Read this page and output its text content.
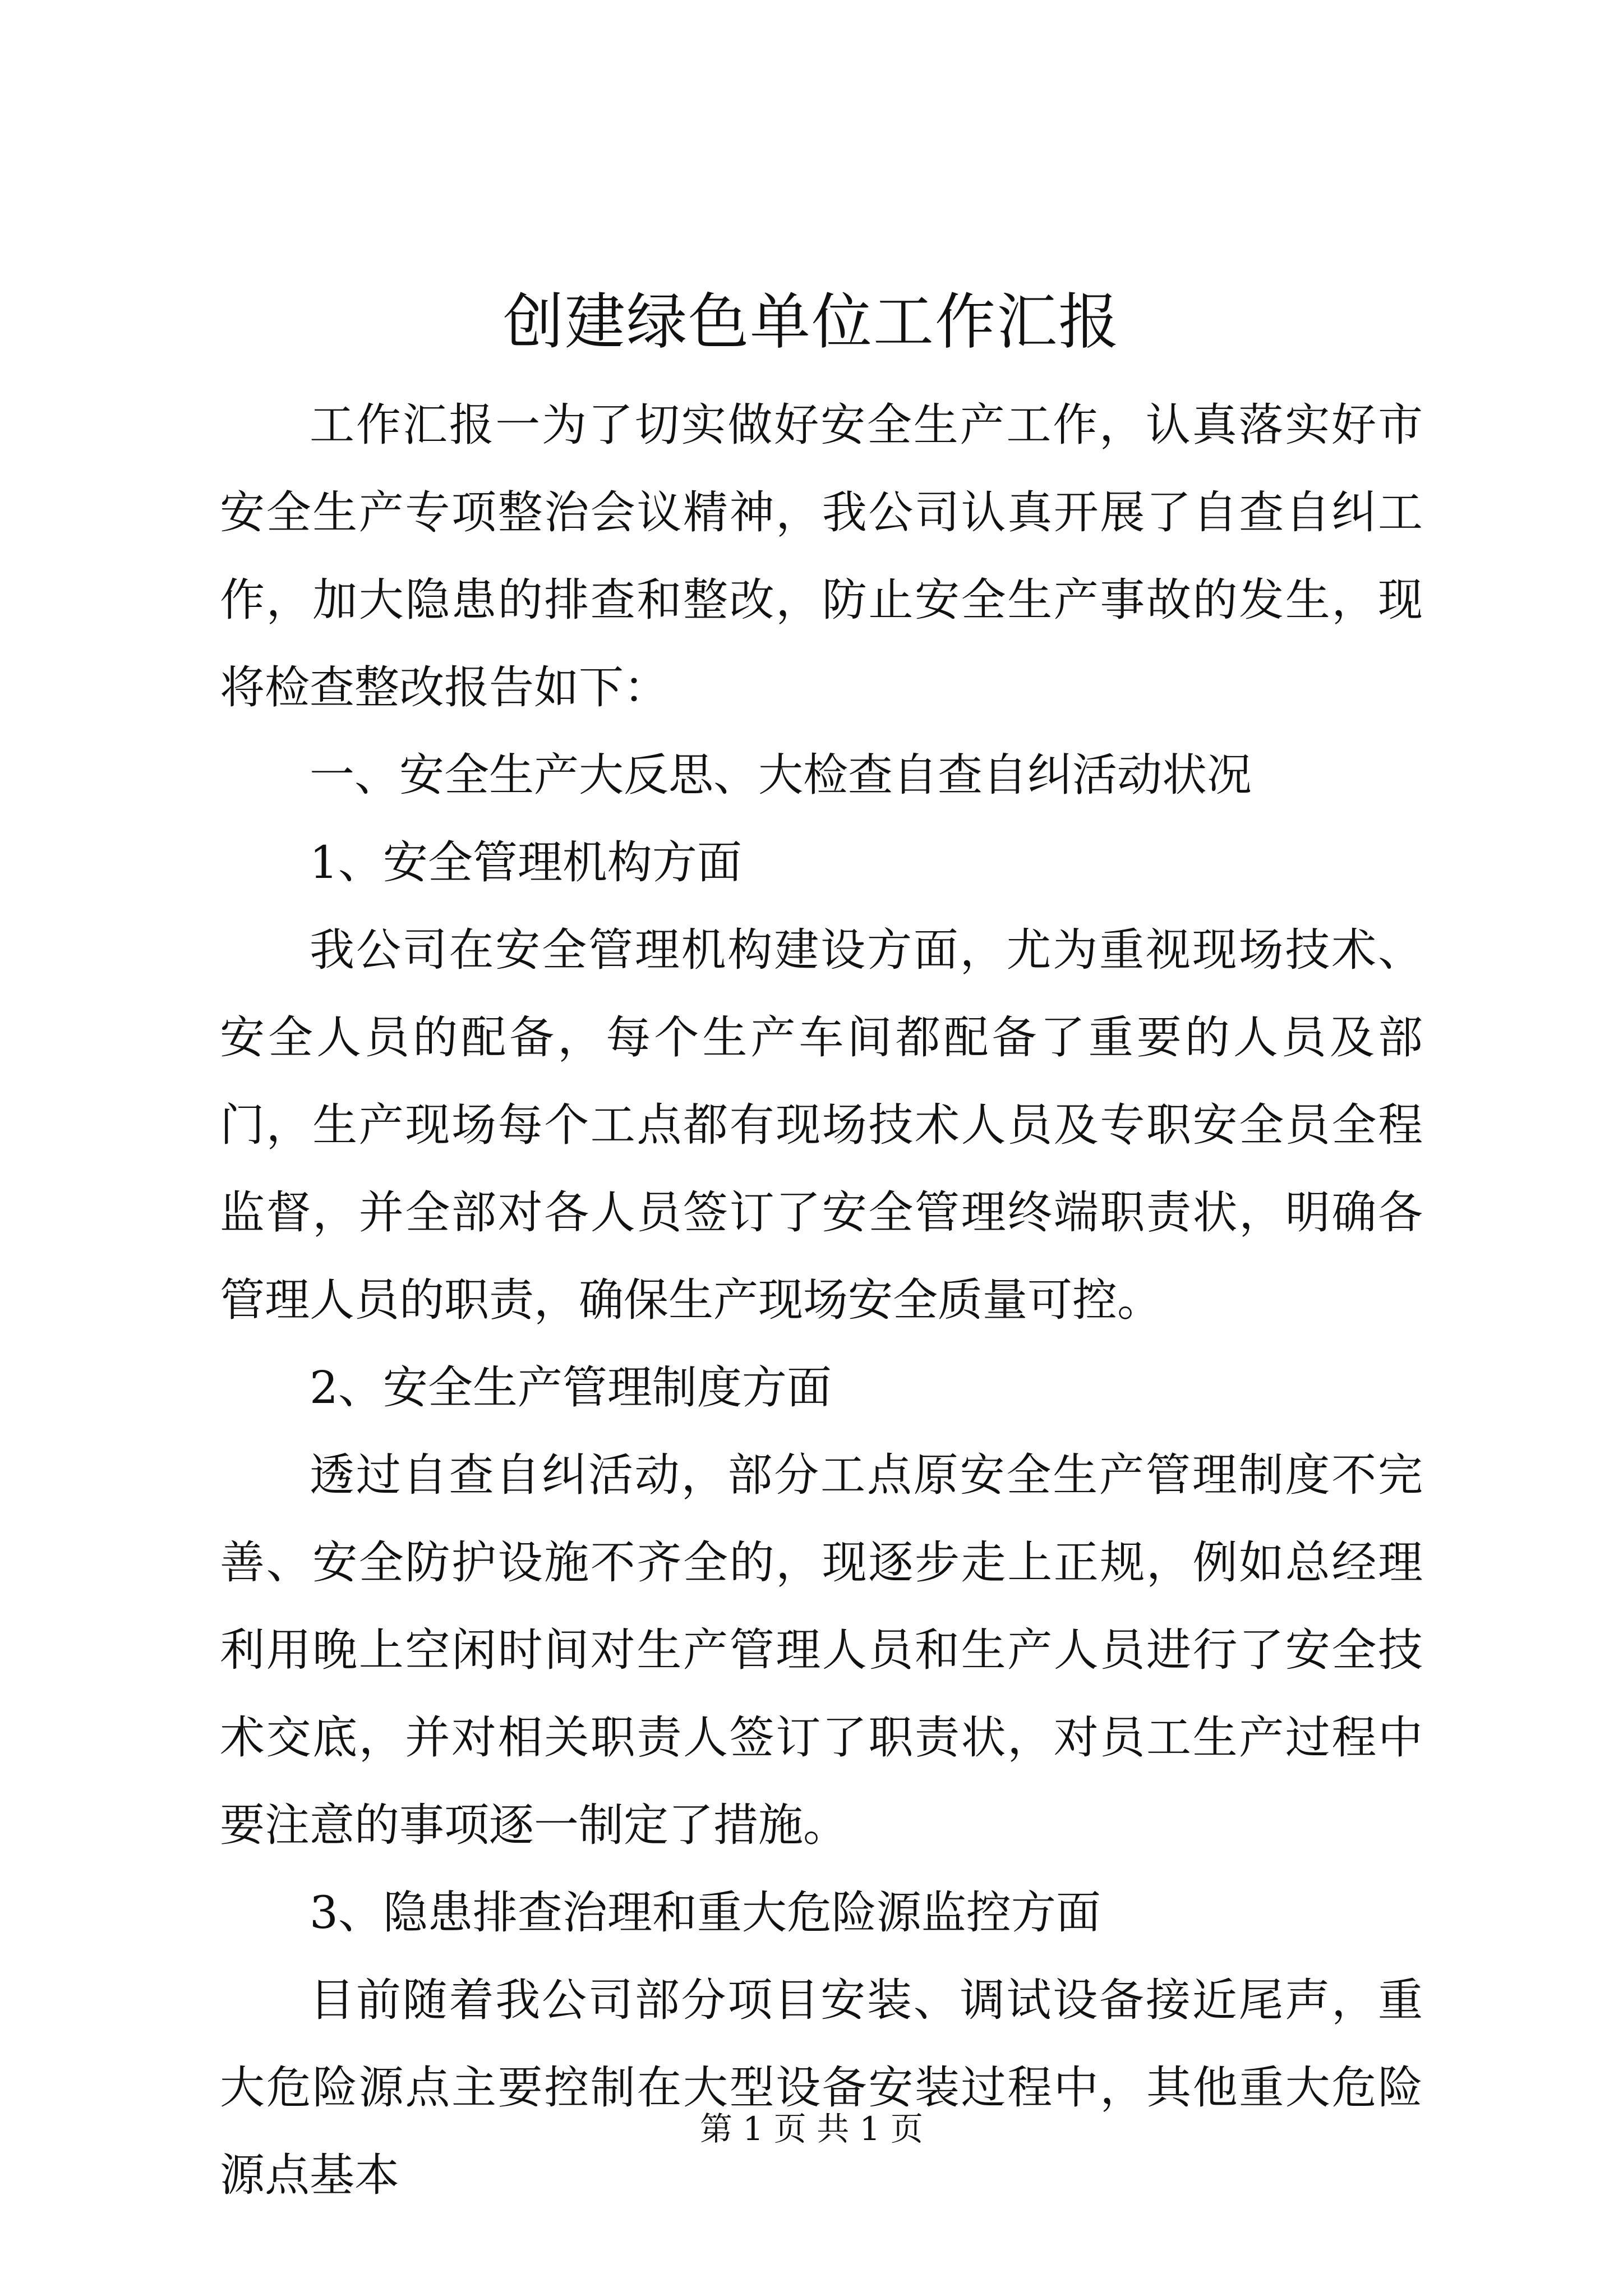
创建绿色单位工作汇报

工作汇报一为了切实做好安全生产工作，认真落实好市安全生产专项整治会议精神，我公司认真开展了自查自纠工作，加大隐患的排查和整改，防止安全生产事故的发生，现将检查整改报告如下：

一、安全生产大反思、大检查自查自纠活动状况

1、安全管理机构方面

我公司在安全管理机构建设方面，尤为重视现场技术、安全人员的配备，每个生产车间都配备了重要的人员及部门，生产现场每个工点都有现场技术人员及专职安全员全程监督，并全部对各人员签订了安全管理终端职责状，明确各管理人员的职责，确保生产现场安全质量可控。

2、安全生产管理制度方面

透过自查自纠活动，部分工点原安全生产管理制度不完善、安全防护设施不齐全的，现逐步走上正规，例如总经理利用晚上空闲时间对生产管理人员和生产人员进行了安全技术交底，并对相关职责人签订了职责状，对员工生产过程中要注意的事项逐一制定了措施。

3、隐患排查治理和重大危险源监控方面

目前随着我公司部分项目安装、调试设备接近尾声，重大危险源点主要控制在大型设备安装过程中，其他重大危险源点基本

第 1 页 共 1 页
